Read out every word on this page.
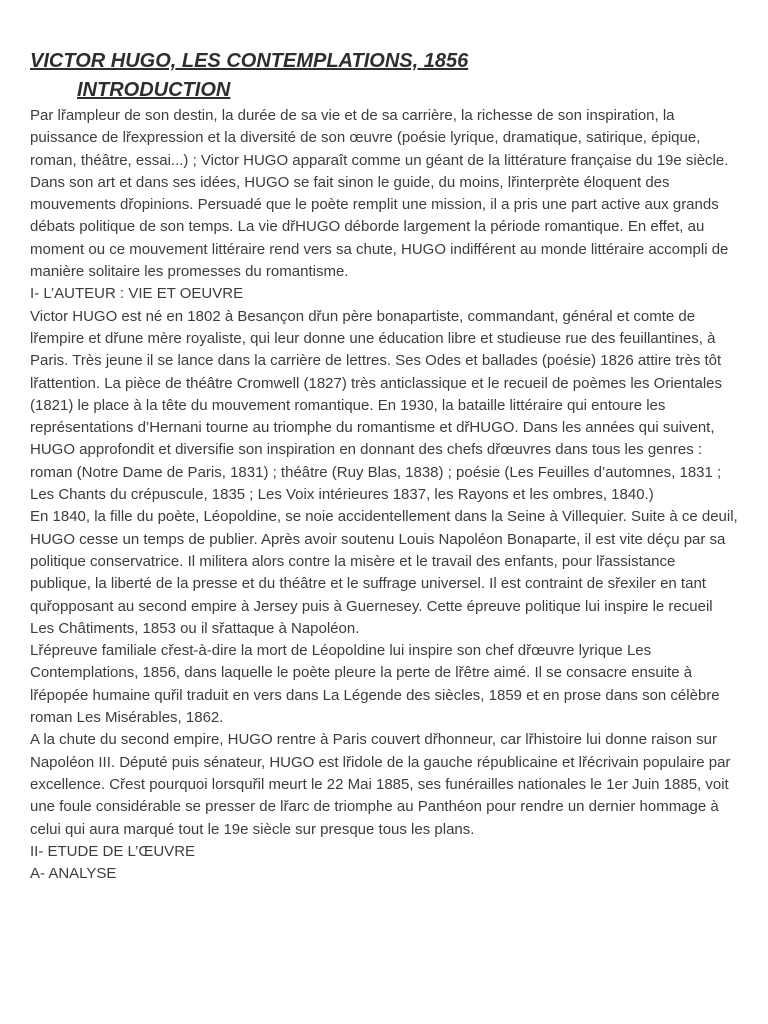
VICTOR HUGO, LES CONTEMPLATIONS, 1856
INTRODUCTION

Par lřampleur de son destin, la durée de sa vie et de sa carrière, la richesse de son inspiration, la puissance de lřexpression et la diversité de son œuvre (poésie lyrique, dramatique, satirique, épique, roman, théâtre, essai...) ; Victor HUGO apparaît comme un géant de la littérature française du 19e siècle. Dans son art et dans ses idées, HUGO se fait sinon le guide, du moins, lřinterprète éloquent des mouvements dřopinions. Persuadé que le poète remplit une mission, il a pris une part active aux grands débats politique de son temps. La vie dřHUGO déborde largement la période romantique. En effet, au moment ou ce mouvement littéraire rend vers sa chute, HUGO indifférent au monde littéraire accompli de manière solitaire les promesses du romantisme.

I- L’AUTEUR : VIE ET OEUVRE

Victor HUGO est né en 1802 à Besançon dřun père bonapartiste, commandant, général et comte de lřempire et dřune mère royaliste, qui leur donne une éducation libre et studieuse rue des feuillantines, à Paris. Très jeune il se lance dans la carrière de lettres. Ses Odes et ballades (poésie) 1826 attire très tôt lřattention. La pièce de théâtre Cromwell (1827) très anticlassique et le recueil de poèmes les Orientales (1821) le place à la tête du mouvement romantique. En 1930, la bataille littéraire qui entoure les représentations d’Hernani tourne au triomphe du romantisme et dřHUGO. Dans les années qui suivent, HUGO approfondit et diversifie son inspiration en donnant des chefs dřœuvres dans tous les genres : roman (Notre Dame de Paris, 1831) ; théâtre (Ruy Blas, 1838) ; poésie (Les Feuilles d’automnes, 1831 ; Les Chants du crépuscule, 1835 ; Les Voix intérieures 1837, les Rayons et les ombres, 1840.)

En 1840, la fille du poète, Léopoldine, se noie accidentellement dans la Seine à Villequier. Suite à ce deuil, HUGO cesse un temps de publier. Après avoir soutenu Louis Napoléon Bonaparte, il est vite déçu par sa politique conservatrice. Il militera alors contre la misère et le travail des enfants, pour lřassistance publique, la liberté de la presse et du théâtre et le suffrage universel. Il est contraint de sřexiler en tant quřopposant au second empire à Jersey puis à Guernesey. Cette épreuve politique lui inspire le recueil Les Châtiments, 1853 ou il sřattaque à Napoléon.

Lřépreuve familiale cřest-à-dire la mort de Léopoldine lui inspire son chef dřœuvre lyrique Les Contemplations, 1856, dans laquelle le poète pleure la perte de lřêtre aimé. Il se consacre ensuite à lřépopée humaine quřil traduit en vers dans La Légende des siècles, 1859 et en prose dans son célèbre roman Les Misérables, 1862.

A la chute du second empire, HUGO rentre à Paris couvert dřhonneur, car lřhistoire lui donne raison sur Napoléon III. Député puis sénateur, HUGO est lřidole de la gauche républicaine et lřécrivain populaire par excellence. Cřest pourquoi lorsquřil meurt le 22 Mai 1885, ses funérailles nationales le 1er Juin 1885, voit une foule considérable se presser de lřarc de triomphe au Panthéon pour rendre un dernier hommage à celui qui aura marqué tout le 19e siècle sur presque tous les plans.

II- ETUDE DE L’ŒUVRE

A- ANALYSE
